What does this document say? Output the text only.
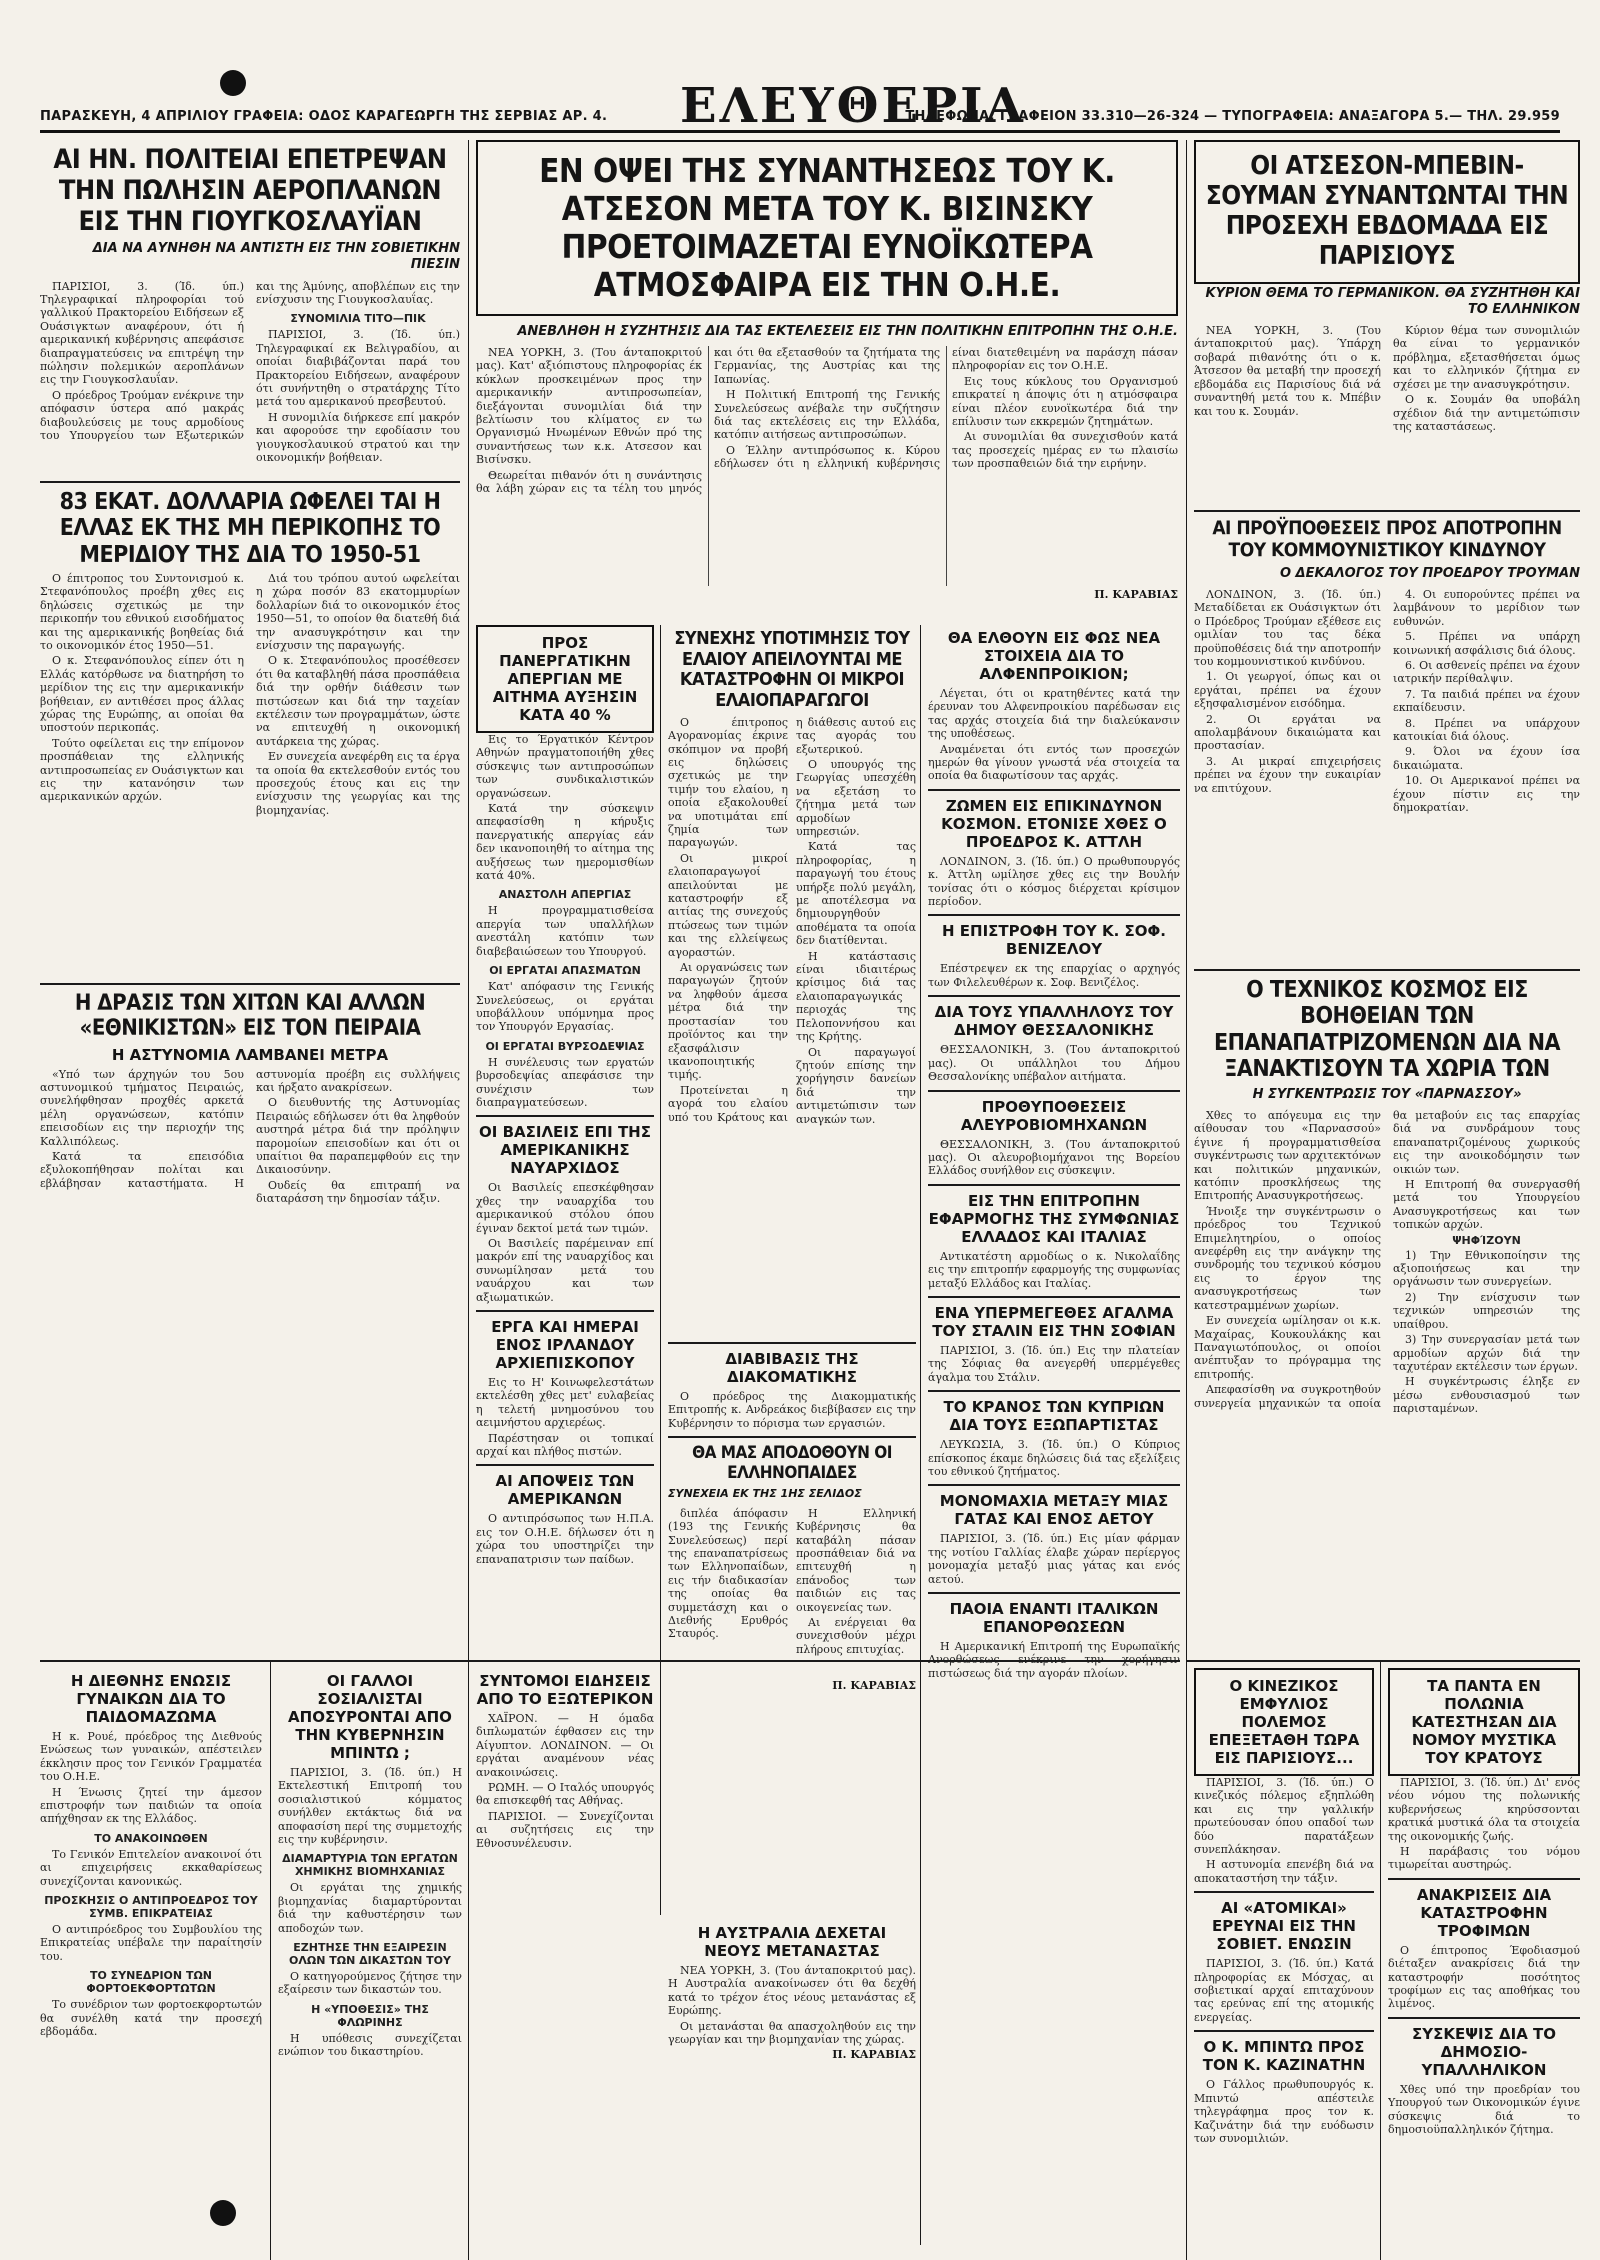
ΠΑΡΑΣΚΕΥΗ, 4 ΑΠΡΙΛΙΟΥ ΓΡΑΦΕΙΑ: ΟΔΟΣ ΚΑΡΑΓΕΩΡΓΗ ΤΗΣ ΣΕΡΒΙΑΣ ΑΡ. 4. ΕΛΕΥΘΕΡΙΑ
ΤΗΛΕΦΩΝΑ: ΓΡΑΦΕΙΟΝ 33.310—26-324 — ΤΥΠΟΓΡΑΦΕΙΑ: ΑΝΑΞΑΓΟΡΑ 5.— ΤΗΛ. 29.959
ΑΙ ΗΝ. ΠΟΛΙΤΕΙΑΙ ΕΠΕΤΡΕΨΑΝ ΤΗΝ ΠΩΛΗΣΙΝ ΑΕΡΟΠΛΑΝΩΝ ΕΙΣ ΤΗΝ ΓΙΟΥΓΚΟΣΛΑΥΪΑΝ
ΔΙΑ ΝΑ ΑΥΝΗΘΗ ΝΑ ΑΝΤΙΣΤΗ ΕΙΣ ΤΗΝ ΣΟΒΙΕΤΙΚΗΝ ΠΙΕΣΙΝ

ΠΑΡΙΣΙΟΙ, 3. (Ίδ. ύπ.) Τηλεγραφικαί πληροφορίαι τού γαλλικού Πρακτορείου Ειδήσεων εξ Ουάσιγκτων αναφέρουν, ότι ή αμερικανική κυβέρνησις απεφάσισε διαπραγματεύσεις να επιτρέψη την πώλησιν πολεμικών αεροπλάνων εις την Γιουγκοσλαυΐαν.

Ο πρόεδρος Τρούμαν ενέκρινε την απόφασιν ύστερα από μακράς διαβουλεύσεις με τους αρμοδίους του Υπουργείου των Εξωτερικών και της Άμύνης, αποβλέπων εις την ενίσχυσιν της Γιουγκοσλαυΐας.

ΣΥΝΟΜΙΛΙΑ ΤΙΤΟ—ΠΙΚ

ΠΑΡΙΣΙΟΙ, 3. (Ίδ. ύπ.) Τηλεγραφικαί εκ Βελιγραδίου, αι οποίαι διαβιβάζονται παρά του Πρακτορείου Ειδήσεων, αναφέρουν ότι συνήντηθη ο στρατάρχης Τίτο μετά του αμερικανού πρεσβευτού.

Η συνομιλία διήρκεσε επί μακρόν και αφορούσε την εφοδίασιν του γιουγκοσλαυικού στρατού και την οικονομικήν βοήθειαν.

83 ΕΚΑΤ. ΔΟΛΛΑΡΙΑ ΩΦΕΛΕΙ ΤΑΙ Η ΕΛΛΑΣ ΕΚ ΤΗΣ ΜΗ ΠΕΡΙΚΟΠΗΣ ΤΟ ΜΕΡΙΔΙΟΥ ΤΗΣ ΔΙΑ ΤΟ 1950-51

Ο έπιτροπος του Συντονισμού κ. Στεφανόπουλος προέβη χθες εις δηλώσεις σχετικώς με την περικοπήν του εθνικού εισοδήματος και της αμερικανικής βοηθείας διά το οικονομικόν έτος 1950—51.

Ο κ. Στεφανόπουλος είπεν ότι η Ελλάς κατόρθωσε να διατηρήση το μερίδιον της εις την αμερικανικήν βοήθειαν, εν αντιθέσει προς άλλας χώρας της Ευρώπης, αι οποίαι θα υποστούν περικοπάς.

Τούτο οφείλεται εις την επίμονον προσπάθειαν της ελληνικής αντιπροσωπείας εν Ουάσιγκτων και εις την κατανόησιν των αμερικανικών αρχών.

Διά του τρόπου αυτού ωφελείται η χώρα ποσόν 83 εκατομμυρίων δολλαρίων διά το οικονομικόν έτος 1950—51, το οποίον θα διατεθή διά την ανασυγκρότησιν και την ενίσχυσιν της παραγωγής.

Ο κ. Στεφανόπουλος προσέθεσεν ότι θα καταβληθή πάσα προσπάθεια διά την ορθήν διάθεσιν των πιστώσεων και διά την ταχείαν εκτέλεσιν των προγραμμάτων, ώστε να επιτευχθή η οικονομική αυτάρκεια της χώρας.

Εν συνεχεία ανεφέρθη εις τα έργα τα οποία θα εκτελεσθούν εντός του προσεχούς έτους και εις την ενίσχυσιν της γεωργίας και της βιομηχανίας.

Η ΔΡΑΣΙΣ ΤΩΝ ΧΙΤΩΝ ΚΑΙ ΑΛΛΩΝ «ΕΘΝΙΚΙΣΤΩΝ» ΕΙΣ ΤΟΝ ΠΕΙΡΑΙΑ
Η ΑΣΤΥΝΟΜΙΑ ΛΑΜΒΑΝΕΙ ΜΕΤΡΑ

«Υπό των άρχηγών του 5ου αστυνομικού τμήματος Πειραιώς, συνελήφθησαν προχθές αρκετά μέλη οργανώσεων, κατόπιν επεισοδίων εις την περιοχήν της Καλλιπόλεως.

Κατά τα επεισόδια εξυλοκοπήθησαν πολίται και εβλάβησαν καταστήματα. Η αστυνομία προέβη εις συλλήψεις και ήρξατο ανακρίσεων.

Ο διευθυντής της Αστυνομίας Πειραιώς εδήλωσεν ότι θα ληφθούν αυστηρά μέτρα διά την πρόληψιν παρομοίων επεισοδίων και ότι οι υπαίτιοι θα παραπεμφθούν εις την Δικαιοσύνην.

Ουδείς θα επιτραπή να διαταράσση την δημοσίαν τάξιν.

ΕΝ ΟΨΕΙ ΤΗΣ ΣΥΝΑΝΤΗΣΕΩΣ ΤΟΥ Κ. ΑΤΣΕΣΟΝ ΜΕΤΑ ΤΟΥ Κ. ΒΙΣΙΝΣΚΥ ΠΡΟΕΤΟΙΜΑΖΕΤΑΙ ΕΥΝΟΪΚΩΤΕΡΑ ΑΤΜΟΣΦΑΙΡΑ ΕΙΣ ΤΗΝ Ο.Η.Ε.
ΑΝΕΒΛΗΘΗ Η ΣΥΖΗΤΗΣΙΣ ΔΙΑ ΤΑΣ ΕΚΤΕΛΕΣΕΙΣ ΕΙΣ ΤΗΝ ΠΟΛΙΤΙΚΗΝ ΕΠΙΤΡΟΠΗΝ ΤΗΣ Ο.Η.Ε.

ΝΕΑ ΥΟΡΚΗ, 3. (Του άνταποκριτού μας). Κατ' αξιόπιστους πληροφορίας έκ κύκλων προσκειμένων προς την αμερικανικήν αντιπροσωπείαν, διεξάγονται συνομιλίαι διά την βελτίωσιν του κλίματος εν τω Οργανισμώ Ηνωμένων Εθνών πρό της συναντήσεως των κ.κ. Ατσεσον και Βισίνσκυ.

Θεωρείται πιθανόν ότι η συνάντησις θα λάβη χώραν εις τα τέλη του μηνός και ότι θα εξετασθούν τα ζητήματα της Γερμανίας, της Αυστρίας και της Ιαπωνίας.

Η Πολιτική Επιτροπή της Γενικής Συνελεύσεως ανέβαλε την συζήτησιν διά τας εκτελέσεις εις την Ελλάδα, κατόπιν αιτήσεως αντιπροσώπων.

Ο Έλλην αντιπρόσωπος κ. Κύρου εδήλωσεν ότι η ελληνική κυβέρνησις είναι διατεθειμένη να παράσχη πάσαν πληροφορίαν εις τον Ο.Η.Ε.

Εις τους κύκλους του Οργανισμού επικρατεί η άποψις ότι η ατμόσφαιρα είναι πλέον ευνοϊκωτέρα διά την επίλυσιν των εκκρεμών ζητημάτων.

Αι συνομιλίαι θα συνεχισθούν κατά τας προσεχείς ημέρας εν τω πλαισίω των προσπαθειών διά την ειρήνην.

Π. ΚΑΡΑΒΙΑΣ
ΟΙ ΑΤΣΕΣΟΝ-ΜΠΕΒΙΝ-ΣΟΥΜΑΝ ΣΥΝΑΝΤΩΝΤΑΙ ΤΗΝ ΠΡΟΣΕΧΗ ΕΒΔΟΜΑΔΑ ΕΙΣ ΠΑΡΙΣΙΟΥΣ
ΚΥΡΙΟΝ ΘΕΜΑ ΤΟ ΓΕΡΜΑΝΙΚΟΝ. ΘΑ ΣΥΖΗΤΗΘΗ ΚΑΙ ΤΟ ΕΛΛΗΝΙΚΟΝ

ΝΕΑ ΥΟΡΚΗ, 3. (Του άνταποκριτού μας). Ύπάρχη σοβαρά πιθανότης ότι ο κ. Άτσεσον θα μεταβή την προσεχή εβδομάδα εις Παρισίους διά νά συναντηθή μετά του κ. Μπέβιν και του κ. Σουμάν.

Κύριον θέμα των συνομιλιών θα είναι το γερμανικόν πρόβλημα, εξετασθήσεται όμως και το ελληνικόν ζήτημα εν σχέσει με την ανασυγκρότησιν.

Ο κ. Σουμάν θα υποβάλη σχέδιον διά την αντιμετώπισιν της καταστάσεως.

ΑΙ ΠΡΟΫΠΟΘΕΣΕΙΣ ΠΡΟΣ ΑΠΟΤΡΟΠΗΝ ΤΟΥ ΚΟΜΜΟΥΝΙΣΤΙΚΟΥ ΚΙΝΔΥΝΟΥ
Ο ΔΕΚΑΛΟΓΟΣ ΤΟΥ ΠΡΟΕΔΡΟΥ ΤΡΟΥΜΑΝ

ΛΟΝΔΙΝΟΝ, 3. (Ίδ. ύπ.) Μεταδίδεται εκ Ουάσιγκτων ότι ο Πρόεδρος Τρούμαν εξέθεσε εις ομιλίαν του τας δέκα προϋποθέσεις διά την αποτροπήν του κομμουνιστικού κινδύνου.

1. Οι γεωργοί, όπως και οι εργάται, πρέπει να έχουν εξησφαλισμένον εισόδημα.

2. Οι εργάται να απολαμβάνουν δικαιώματα και προστασίαν.

3. Αι μικραί επιχειρήσεις πρέπει να έχουν την ευκαιρίαν να επιτύχουν.

4. Οι ευπορούντες πρέπει να λαμβάνουν το μερίδιον των ευθυνών.

5. Πρέπει να υπάρχη κοινωνική ασφάλισις διά όλους.

6. Οι ασθενείς πρέπει να έχουν ιατρικήν περίθαλψιν.

7. Τα παιδιά πρέπει να έχουν εκπαίδευσιν.

8. Πρέπει να υπάρχουν κατοικίαι διά όλους.

9. Όλοι να έχουν ίσα δικαιώματα.

10. Οι Αμερικανοί πρέπει να έχουν πίστιν εις την δημοκρατίαν.

Ο ΤΕΧΝΙΚΟΣ ΚΟΣΜΟΣ ΕΙΣ ΒΟΗΘΕΙΑΝ ΤΩΝ ΕΠΑΝΑΠΑΤΡΙΖΟΜΕΝΩΝ ΔΙΑ ΝΑ ΞΑΝΑΚΤΙΣΟΥΝ ΤΑ ΧΩΡΙΑ ΤΩΝ
Η ΣΥΓΚΕΝΤΡΩΣΙΣ ΤΟΥ «ΠΑΡΝΑΣΣΟΥ»

Χθες το απόγευμα εις την αίθουσαν του «Παρνασσού» έγινε ή προγραμματισθείσα συγκέντρωσις των αρχιτεκτόνων και πολιτικών μηχανικών, κατόπιν προσκλήσεως της Επιτροπής Ανασυγκροτήσεως.

Ήνοιξε την συγκέντρωσιν ο πρόεδρος του Τεχνικού Επιμελητηρίου, ο οποίος ανεφέρθη εις την ανάγκην της συνδρομής του τεχνικού κόσμου εις το έργον της ανασυγκροτήσεως των κατεστραμμένων χωρίων.

Εν συνεχεία ωμίλησαν οι κ.κ. Μαχαίρας, Κουκουλάκης και Παναγιωτόπουλος, οι οποίοι ανέπτυξαν το πρόγραμμα της επιτροπής.

Απεφασίσθη να συγκροτηθούν συνεργεία μηχανικών τα οποία θα μεταβούν εις τας επαρχίας διά να συνδράμουν τους επαναπατριζομένους χωρικούς εις την ανοικοδόμησιν των οικιών των.

Η Επιτροπή θα συνεργασθή μετά του Υπουργείου Ανασυγκροτήσεως και των τοπικών αρχών.

ΨΗΦΊΖΟΥΝ

1) Την Εθνικοποίησιν της αξιοποιήσεως και την οργάνωσιν των συνεργείων.

2) Την ενίσχυσιν των τεχνικών υπηρεσιών της υπαίθρου.

3) Την συνεργασίαν μετά των αρμοδίων αρχών διά την ταχυτέραν εκτέλεσιν των έργων.

Η συγκέντρωσις έληξε εν μέσω ενθουσιασμού των παρισταμένων.

ΠΡΟΣ ΠΑΝΕΡΓΑΤΙΚΗΝ ΑΠΕΡΓΙΑΝ ΜΕ ΑΙΤΗΜΑ ΑΥΞΗΣΙΝ ΚΑΤΑ 40 %

Εις το Έργατικόν Κέντρον Αθηνών πραγματοποιήθη χθες σύσκεψις των αντιπροσώπων των συνδικαλιστικών οργανώσεων.

Κατά την σύσκεψιν απεφασίσθη η κήρυξις πανεργατικής απεργίας εάν δεν ικανοποιηθή το αίτημα της αυξήσεως των ημερομισθίων κατά 40%.

ΑΝΑΣΤΟΛΗ ΑΠΕΡΓΙΑΣ

Η προγραμματισθείσα απεργία των υπαλλήλων ανεστάλη κατόπιν των διαβεβαιώσεων του Υπουργού.

ΟΙ ΕΡΓΑΤΑΙ ΑΠΑΣΜΑΤΩΝ

Κατ' απόφασιν της Γενικής Συνελεύσεως, οι εργάται υποβάλλουν υπόμνημα προς τον Υπουργόν Εργασίας.

ΟΙ ΕΡΓΑΤΑΙ ΒΥΡΣΟΔΕΨΙΑΣ

Η συνέλευσις των εργατών βυρσοδεψίας απεφάσισε την συνέχισιν των διαπραγματεύσεων.

ΟΙ ΒΑΣΙΛΕΙΣ ΕΠΙ ΤΗΣ ΑΜΕΡΙΚΑΝΙΚΗΣ ΝΑΥΑΡΧΙΔΟΣ

Οι Βασιλείς επεσκέφθησαν χθες την ναυαρχίδα του αμερικανικού στόλου όπου έγιναν δεκτοί μετά των τιμών.

Οι Βασιλείς παρέμειναν επί μακρόν επί της ναυαρχίδος και συνωμίλησαν μετά του ναυάρχου και των αξιωματικών.

ΕΡΓΑ ΚΑΙ ΗΜΕΡΑΙ ΕΝΟΣ ΙΡΛΑΝΔΟΥ ΑΡΧΙΕΠΙΣΚΟΠΟΥ

Εις το Η' Κοινωφελεστάτων εκτελέσθη χθες μετ' ευλαβείας η τελετή μνημοσύνου του αειμνήστου αρχιερέως.

Παρέστησαν οι τοπικαί αρχαί και πλήθος πιστών.

ΑΙ ΑΠΟΨΕΙΣ ΤΩΝ ΑΜΕΡΙΚΑΝΩΝ

Ο αντιπρόσωπος των Η.Π.Α. εις τον Ο.Η.Ε. δήλωσεν ότι η χώρα του υποστηρίζει την επαναπατρισιν των παίδων.

ΣΥΝΕΧΗΣ ΥΠΟΤΙΜΗΣΙΣ ΤΟΥ ΕΛΑΙΟΥ ΑΠΕΙΛΟΥΝΤΑΙ ΜΕ ΚΑΤΑΣΤΡΟΦΗΝ ΟΙ ΜΙΚΡΟΙ ΕΛΑΙΟΠΑΡΑΓΩΓΟΙ

Ο έπιτροπος Αγορανομίας έκρινε σκόπιμον να προβή εις δηλώσεις σχετικώς με την τιμήν του ελαίου, η οποία εξακολουθεί να υποτιμάται επί ζημία των παραγωγών.

Οι μικροί ελαιοπαραγωγοί απειλούνται με καταστροφήν εξ αιτίας της συνεχούς πτώσεως των τιμών και της ελλείψεως αγοραστών.

Αι οργανώσεις των παραγωγών ζητούν να ληφθούν άμεσα μέτρα διά την προστασίαν του προϊόντος και την εξασφάλισιν ικανοποιητικής τιμής.

Προτείνεται η αγορά του ελαίου υπό του Κράτους και η διάθεσις αυτού εις τας αγοράς του εξωτερικού.

Ο υπουργός της Γεωργίας υπεσχέθη να εξετάση το ζήτημα μετά των αρμοδίων υπηρεσιών.

Κατά τας πληροφορίας, η παραγωγή του έτους υπήρξε πολύ μεγάλη, με αποτέλεσμα να δημιουργηθούν αποθέματα τα οποία δεν διατίθενται.

Η κατάστασις είναι ιδιαιτέρως κρίσιμος διά τας ελαιοπαραγωγικάς περιοχάς της Πελοποννήσου και της Κρήτης.

Οι παραγωγοί ζητούν επίσης την χορήγησιν δανείων διά την αντιμετώπισιν των αναγκών των.

ΔΙΑΒΙΒΑΣΙΣ ΤΗΣ ΔΙΑΚΟΜΑΤΙΚΗΣ

Ο πρόεδρος της Διακομματικής Επιτροπής κ. Ανδρεάκος διεβίβασεν εις την Κυβέρνησιν το πόρισμα των εργασιών.

ΘΑ ΜΑΣ ΑΠΟΔΟΘΟΥΝ ΟΙ ΕΛΛΗΝΟΠΑΙΔΕΣ
ΣΥΝΕΧΕΙΑ ΕΚ ΤΗΣ 1ΗΣ ΣΕΛΙΔΟΣ

διπλέα άπόφασιν (193 της Γενικής Συνελεύσεως) περί της επαναπατρίσεως των Ελληνοπαίδων, εις τήν διαδικασίαν της οποίας θα συμμετάσχη και ο Διεθνής Ερυθρός Σταυρός.

Η Ελληνική Κυβέρνησις θα καταβάλη πάσαν προσπάθειαν διά να επιτευχθή η επάνοδος των παιδιών εις τας οικογενείας των.

Αι ενέργειαι θα συνεχισθούν μέχρι πλήρους επιτυχίας.

Π. ΚΑΡΑΒΙΑΣ
ΘΑ ΕΛΘΟΥΝ ΕΙΣ ΦΩΣ ΝΕΑ ΣΤΟΙΧΕΙΑ ΔΙΑ ΤΟ ΑΛΦΕΝΠΡΟΙΚΙΟΝ;

Λέγεται, ότι οι κρατηθέντες κατά την έρευναν του Αλφενπροικίου παρέδωσαν εις τας αρχάς στοιχεία διά την διαλεύκανσιν της υποθέσεως.

Αναμένεται ότι εντός των προσεχών ημερών θα γίνουν γνωστά νέα στοιχεία τα οποία θα διαφωτίσουν τας αρχάς.

ΖΩΜΕΝ ΕΙΣ ΕΠΙΚΙΝΔΥΝΟΝ ΚΟΣΜΟΝ. ΕΤΟΝΙΣΕ ΧΘΕΣ Ο ΠΡΟΕΔΡΟΣ Κ. ΑΤΤΛΗ

ΛΟΝΔΙΝΟΝ, 3. (Ίδ. ύπ.) Ο πρωθυπουργός κ. Άττλη ωμίλησε χθες εις την Βουλήν τονίσας ότι ο κόσμος διέρχεται κρίσιμον περίοδον.

Η ΕΠΙΣΤΡΟΦΗ ΤΟΥ Κ. ΣΟΦ. ΒΕΝΙΖΕΛΟΥ

Επέστρεψεν εκ της επαρχίας ο αρχηγός των Φιλελευθέρων κ. Σοφ. Βενιζέλος.

ΔΙΑ ΤΟΥΣ ΥΠΑΛΛΗΛΟΥΣ ΤΟΥ ΔΗΜΟΥ ΘΕΣΣΑΛΟΝΙΚΗΣ

ΘΕΣΣΑΛΟΝΙΚΗ, 3. (Του άνταποκριτού μας). Οι υπάλληλοι του Δήμου Θεσσαλονίκης υπέβαλον αιτήματα.

ΠΡΟΘΥΠΟΘΕΣΕΙΣ ΑΛΕΥΡΟΒΙΟΜΗΧΑΝΩΝ

ΘΕΣΣΑΛΟΝΙΚΗ, 3. (Του άνταποκριτού μας). Οι αλευροβιομήχανοι της Βορείου Ελλάδος συνήλθον εις σύσκεψιν.

ΕΙΣ ΤΗΝ ΕΠΙΤΡΟΠΗΝ ΕΦΑΡΜΟΓΗΣ ΤΗΣ ΣΥΜΦΩΝΙΑΣ ΕΛΛΑΔΟΣ ΚΑΙ ΙΤΑΛΙΑΣ

Αντικατέστη αρμοδίως ο κ. Νικολαΐδης εις την επιτροπήν εφαρμογής της συμφωνίας μεταξύ Ελλάδος και Ιταλίας.

ΕΝΑ ΥΠΕΡΜΕΓΕΘΕΣ ΑΓΑΛΜΑ ΤΟΥ ΣΤΑΛΙΝ ΕΙΣ ΤΗΝ ΣΟΦΙΑΝ

ΠΑΡΙΣΙΟΙ, 3. (Ίδ. ύπ.) Εις την πλατείαν της Σόφιας θα ανεγερθή υπερμέγεθες άγαλμα του Στάλιν.

ΤΟ ΚΡΑΝΟΣ ΤΩΝ ΚΥΠΡΙΩΝ ΔΙΑ ΤΟΥΣ ΕΞΩΠΑΡΤΙΣΤΑΣ

ΛΕΥΚΩΣΙΑ, 3. (Ίδ. ύπ.) Ο Κύπριος επίσκοπος έκαμε δηλώσεις διά τας εξελίξεις του εθνικού ζητήματος.

ΜΟΝΟΜΑΧΙΑ ΜΕΤΑΞΥ ΜΙΑΣ ΓΑΤΑΣ ΚΑΙ ΕΝΟΣ ΑΕΤΟΥ

ΠΑΡΙΣΙΟΙ, 3. (Ίδ. ύπ.) Εις μίαν φάρμαν της νοτίου Γαλλίας έλαβε χώραν περίεργος μονομαχία μεταξύ μιας γάτας και ενός αετού.

ΠΑΟΙΑ ΕΝΑΝΤΙ ΙΤΑΛΙΚΩΝ ΕΠΑΝΟΡΘΩΣΕΩΝ

Η Αμερικανική Επιτροπή της Ευρωπαϊκής πιστώσεως διά την αγοράν πλοίων.

Η ΔΙΕΘΝΗΣ ΕΝΩΣΙΣ ΓΥΝΑΙΚΩΝ ΔΙΑ ΤΟ ΠΑΙΔΟΜΑΖΩΜΑ

Η κ. Ρουέ, πρόεδρος της Διεθνούς Ενώσεως των γυναικών, απέστειλεν έκκλησιν προς τον Γενικόν Γραμματέα του Ο.Η.Ε.

Η Ένωσις ζητεί την άμεσον επιστροφήν των παιδιών τα οποία απήχθησαν εκ της Ελλάδος.

ΤΟ ΑΝΑΚΟΙΝΩΘΕΝ

Το Γενικόν Επιτελείον ανακοινοί ότι αι επιχειρήσεις εκκαθαρίσεως συνεχίζονται κανονικώς.

ΠΡΟΣΚΗΣΙΣ Ο ΑΝΤΙΠΡΟΕΔΡΟΣ ΤΟΥ ΣΥΜΒ. ΕΠΙΚΡΑΤΕΙΑΣ

Ο αντιπρόεδρος του Συμβουλίου της Επικρατείας υπέβαλε την παραίτησίν του.

ΤΟ ΣΥΝΕΔΡΙΟΝ ΤΩΝ ΦΟΡΤΟΕΚΦΟΡΤΩΤΩΝ

Το συνέδριον των φορτοεκφορτωτών θα συνέλθη κατά την προσεχή εβδομάδα.

ΟΙ ΓΑΛΛΟΙ ΣΟΣΙΑΛΙΣΤΑΙ ΑΠΟΣΥΡΟΝΤΑΙ ΑΠΟ ΤΗΝ ΚΥΒΕΡΝΗΣΙΝ ΜΠΙΝΤΩ ;

ΠΑΡΙΣΙΟΙ, 3. (Ίδ. ύπ.) Η Εκτελεστική Επιτροπή του σοσιαλιστικού κόμματος συνήλθεν εκτάκτως διά να αποφασίση περί της συμμετοχής εις την κυβέρνησιν.

ΔΙΑΜΑΡΤΥΡΙΑ ΤΩΝ ΕΡΓΑΤΩΝ ΧΗΜΙΚΗΣ ΒΙΟΜΗΧΑΝΙΑΣ

Οι εργάται της χημικής βιομηχανίας διαμαρτύρονται διά την καθυστέρησιν των αποδοχών των.

ΕΖΗΤΗΣΕ ΤΗΝ ΕΞΑΙΡΕΣΙΝ ΟΛΩΝ ΤΩΝ ΔΙΚΑΣΤΩΝ ΤΟΥ

Ο κατηγορούμενος ζήτησε την εξαίρεσιν των δικαστών του.

Η «ΥΠΟΘΕΣΙΣ» ΤΗΣ ΦΛΩΡΙΝΗΣ

Η υπόθεσις συνεχίζεται ενώπιον του δικαστηρίου.

ΣΥΝΤΟΜΟΙ ΕΙΔΗΣΕΙΣ ΑΠΟ ΤΟ ΕΞΩΤΕΡΙΚΟΝ

ΧΑΪΡΟΝ. — Η όμαδα διπλωματών έφθασεν εις την Αίγυπτον. ΛΟΝΔΙΝΟΝ. — Οι εργάται αναμένουν νέας ανακοινώσεις.

ΡΩΜΗ. — Ο Ιταλός υπουργός θα επισκεφθή τας Αθήνας.

ΠΑΡΙΣΙΟΙ. — Συνεχίζονται αι συζητήσεις εις την Εθνοσυνέλευσιν.

Η ΑΥΣΤΡΑΛΙΑ ΔΕΧΕΤΑΙ ΝΕΟΥΣ ΜΕΤΑΝΑΣΤΑΣ

ΝΕΑ ΥΟΡΚΗ, 3. (Του άνταποκριτού μας). Η Αυστραλία ανακοίνωσεν ότι θα δεχθή κατά το τρέχον έτος νέους μετανάστας εξ Ευρώπης.

Οι μετανάσται θα απασχοληθούν εις την γεωργίαν και την βιομηχανίαν της χώρας.

Π. ΚΑΡΑΒΙΑΣ
Ο ΚΙΝΕΖΙΚΟΣ ΕΜΦΥΛΙΟΣ ΠΟΛΕΜΟΣ ΕΠΕΞΕΤΑΘΗ ΤΩΡΑ ΕΙΣ ΠΑΡΙΣΙΟΥΣ...

ΠΑΡΙΣΙΟΙ, 3. (Ίδ. ύπ.) Ο κινεζικός πόλεμος εξηπλώθη και εις την γαλλικήν πρωτεύουσαν όπου οπαδοί των δύο παρατάξεων συνεπλάκησαν.

Η αστυνομία επενέβη διά να αποκαταστήση την τάξιν.

ΑΙ «ΑΤΟΜΙΚΑΙ» ΕΡΕΥΝΑΙ ΕΙΣ ΤΗΝ ΣΟΒΙΕΤ. ΕΝΩΣΙΝ

ΠΑΡΙΣΙΟΙ, 3. (Ίδ. ύπ.) Κατά πληροφορίας εκ Μόσχας, αι σοβιετικαί αρχαί επιταχύνουν τας ερεύνας επί της ατομικής ενεργείας.

Ο Κ. ΜΠΙΝΤΩ ΠΡΟΣ ΤΟΝ Κ. ΚΑΖΙΝΑΤΗΝ

Ο Γάλλος πρωθυπουργός κ. Μπιντώ απέστειλε τηλεγράφημα προς τον κ. Καζινάτην διά την ευόδωσιν των συνομιλιών.

ΤΑ ΠΑΝΤΑ ΕΝ ΠΟΛΩΝΙΑ ΚΑΤΕΣΤΗΣΑΝ ΔΙΑ ΝΟΜΟΥ ΜΥΣΤΙΚΑ ΤΟΥ ΚΡΑΤΟΥΣ

ΠΑΡΙΣΙΟΙ, 3. (Ίδ. ύπ.) Δι' ενός νέου νόμου της πολωνικής κυβερνήσεως κηρύσσονται κρατικά μυστικά όλα τα στοιχεία της οικονομικής ζωής.

Η παράβασις του νόμου τιμωρείται αυστηρώς.

ΑΝΑΚΡΙΣΕΙΣ ΔΙΑ ΚΑΤΑΣΤΡΟΦΗΝ ΤΡΟΦΙΜΩΝ

Ο έπιτροπος Έφοδιασμού διέταξεν ανακρίσεις διά την καταστροφήν ποσότητος τροφίμων εις τας αποθήκας του λιμένος.

ΣΥΣΚΕΨΙΣ ΔΙΑ ΤΟ ΔΗΜΟΣΙΟ-ΥΠΑΛΛΗΛΙΚΟΝ

Χθες υπό την προεδρίαν του Υπουργού των Οικονομικών έγινε σύσκεψις διά το δημοσιοϋπαλληλικόν ζήτημα.
